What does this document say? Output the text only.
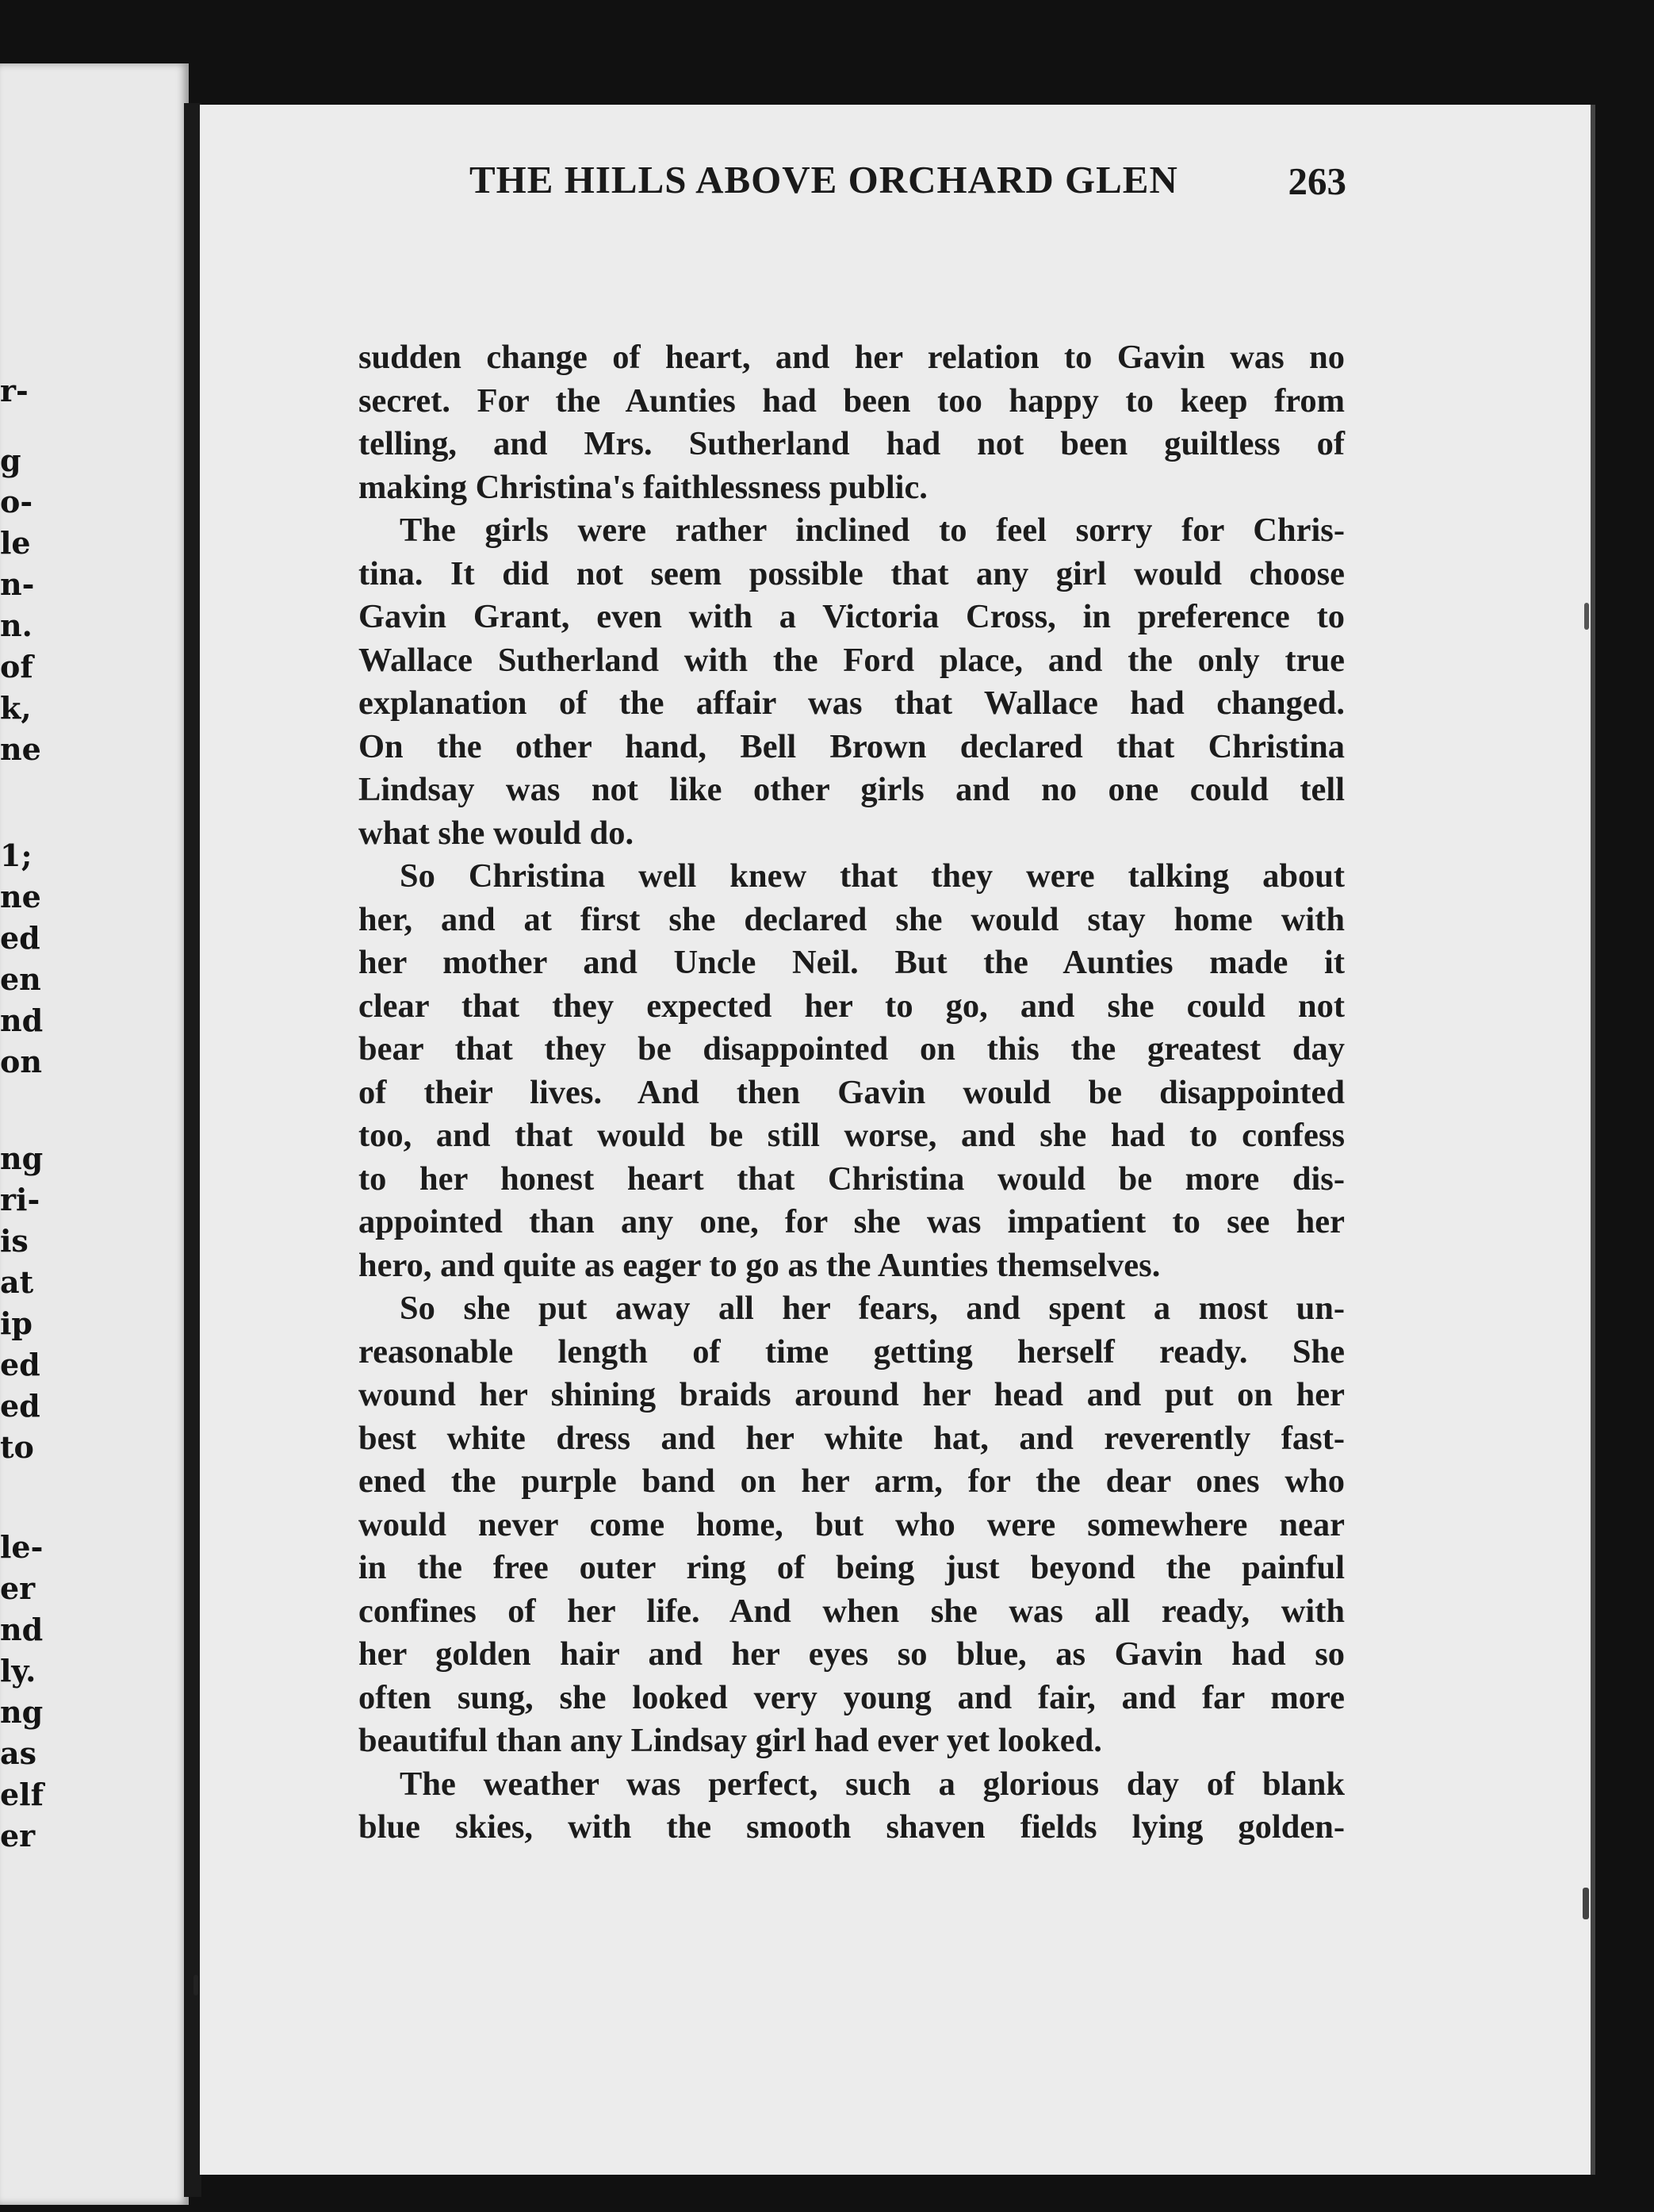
r-
g
o-
le
n-
n.
of
k,
ne
1;
ne
ed
en
nd
on
ng
ri-
is
at
ip
ed
ed
to
le-
er
nd
ly.
ng
as
elf
er
THE HILLS ABOVE ORCHARD GLEN	263
sudden change of heart, and her relation to Gavin was no
secret. For the Aunties had been too happy to keep from
telling, and Mrs. Sutherland had not been guiltless of
making Christina's faithlessness public.
The girls were rather inclined to feel sorry for Chris-
tina. It did not seem possible that any girl would choose
Gavin Grant, even with a Victoria Cross, in preference to
Wallace Sutherland with the Ford place, and the only true
explanation of the affair was that Wallace had changed.
On the other hand, Bell Brown declared that Christina
Lindsay was not like other girls and no one could tell
what she would do.
So Christina well knew that they were talking about
her, and at first she declared she would stay home with
her mother and Uncle Neil. But the Aunties made it
clear that they expected her to go, and she could not
bear that they be disappointed on this the greatest day
of their lives. And then Gavin would be disappointed
too, and that would be still worse, and she had to confess
to her honest heart that Christina would be more dis-
appointed than any one, for she was impatient to see her
hero, and quite as eager to go as the Aunties themselves.
So she put away all her fears, and spent a most un-
reasonable length of time getting herself ready. She
wound her shining braids around her head and put on her
best white dress and her white hat, and reverently fast-
ened the purple band on her arm, for the dear ones who
would never come home, but who were somewhere near
in the free outer ring of being just beyond the painful
confines of her life. And when she was all ready, with
her golden hair and her eyes so blue, as Gavin had so
often sung, she looked very young and fair, and far more
beautiful than any Lindsay girl had ever yet looked.
The weather was perfect, such a glorious day of blank
blue skies, with the smooth shaven fields lying golden-
